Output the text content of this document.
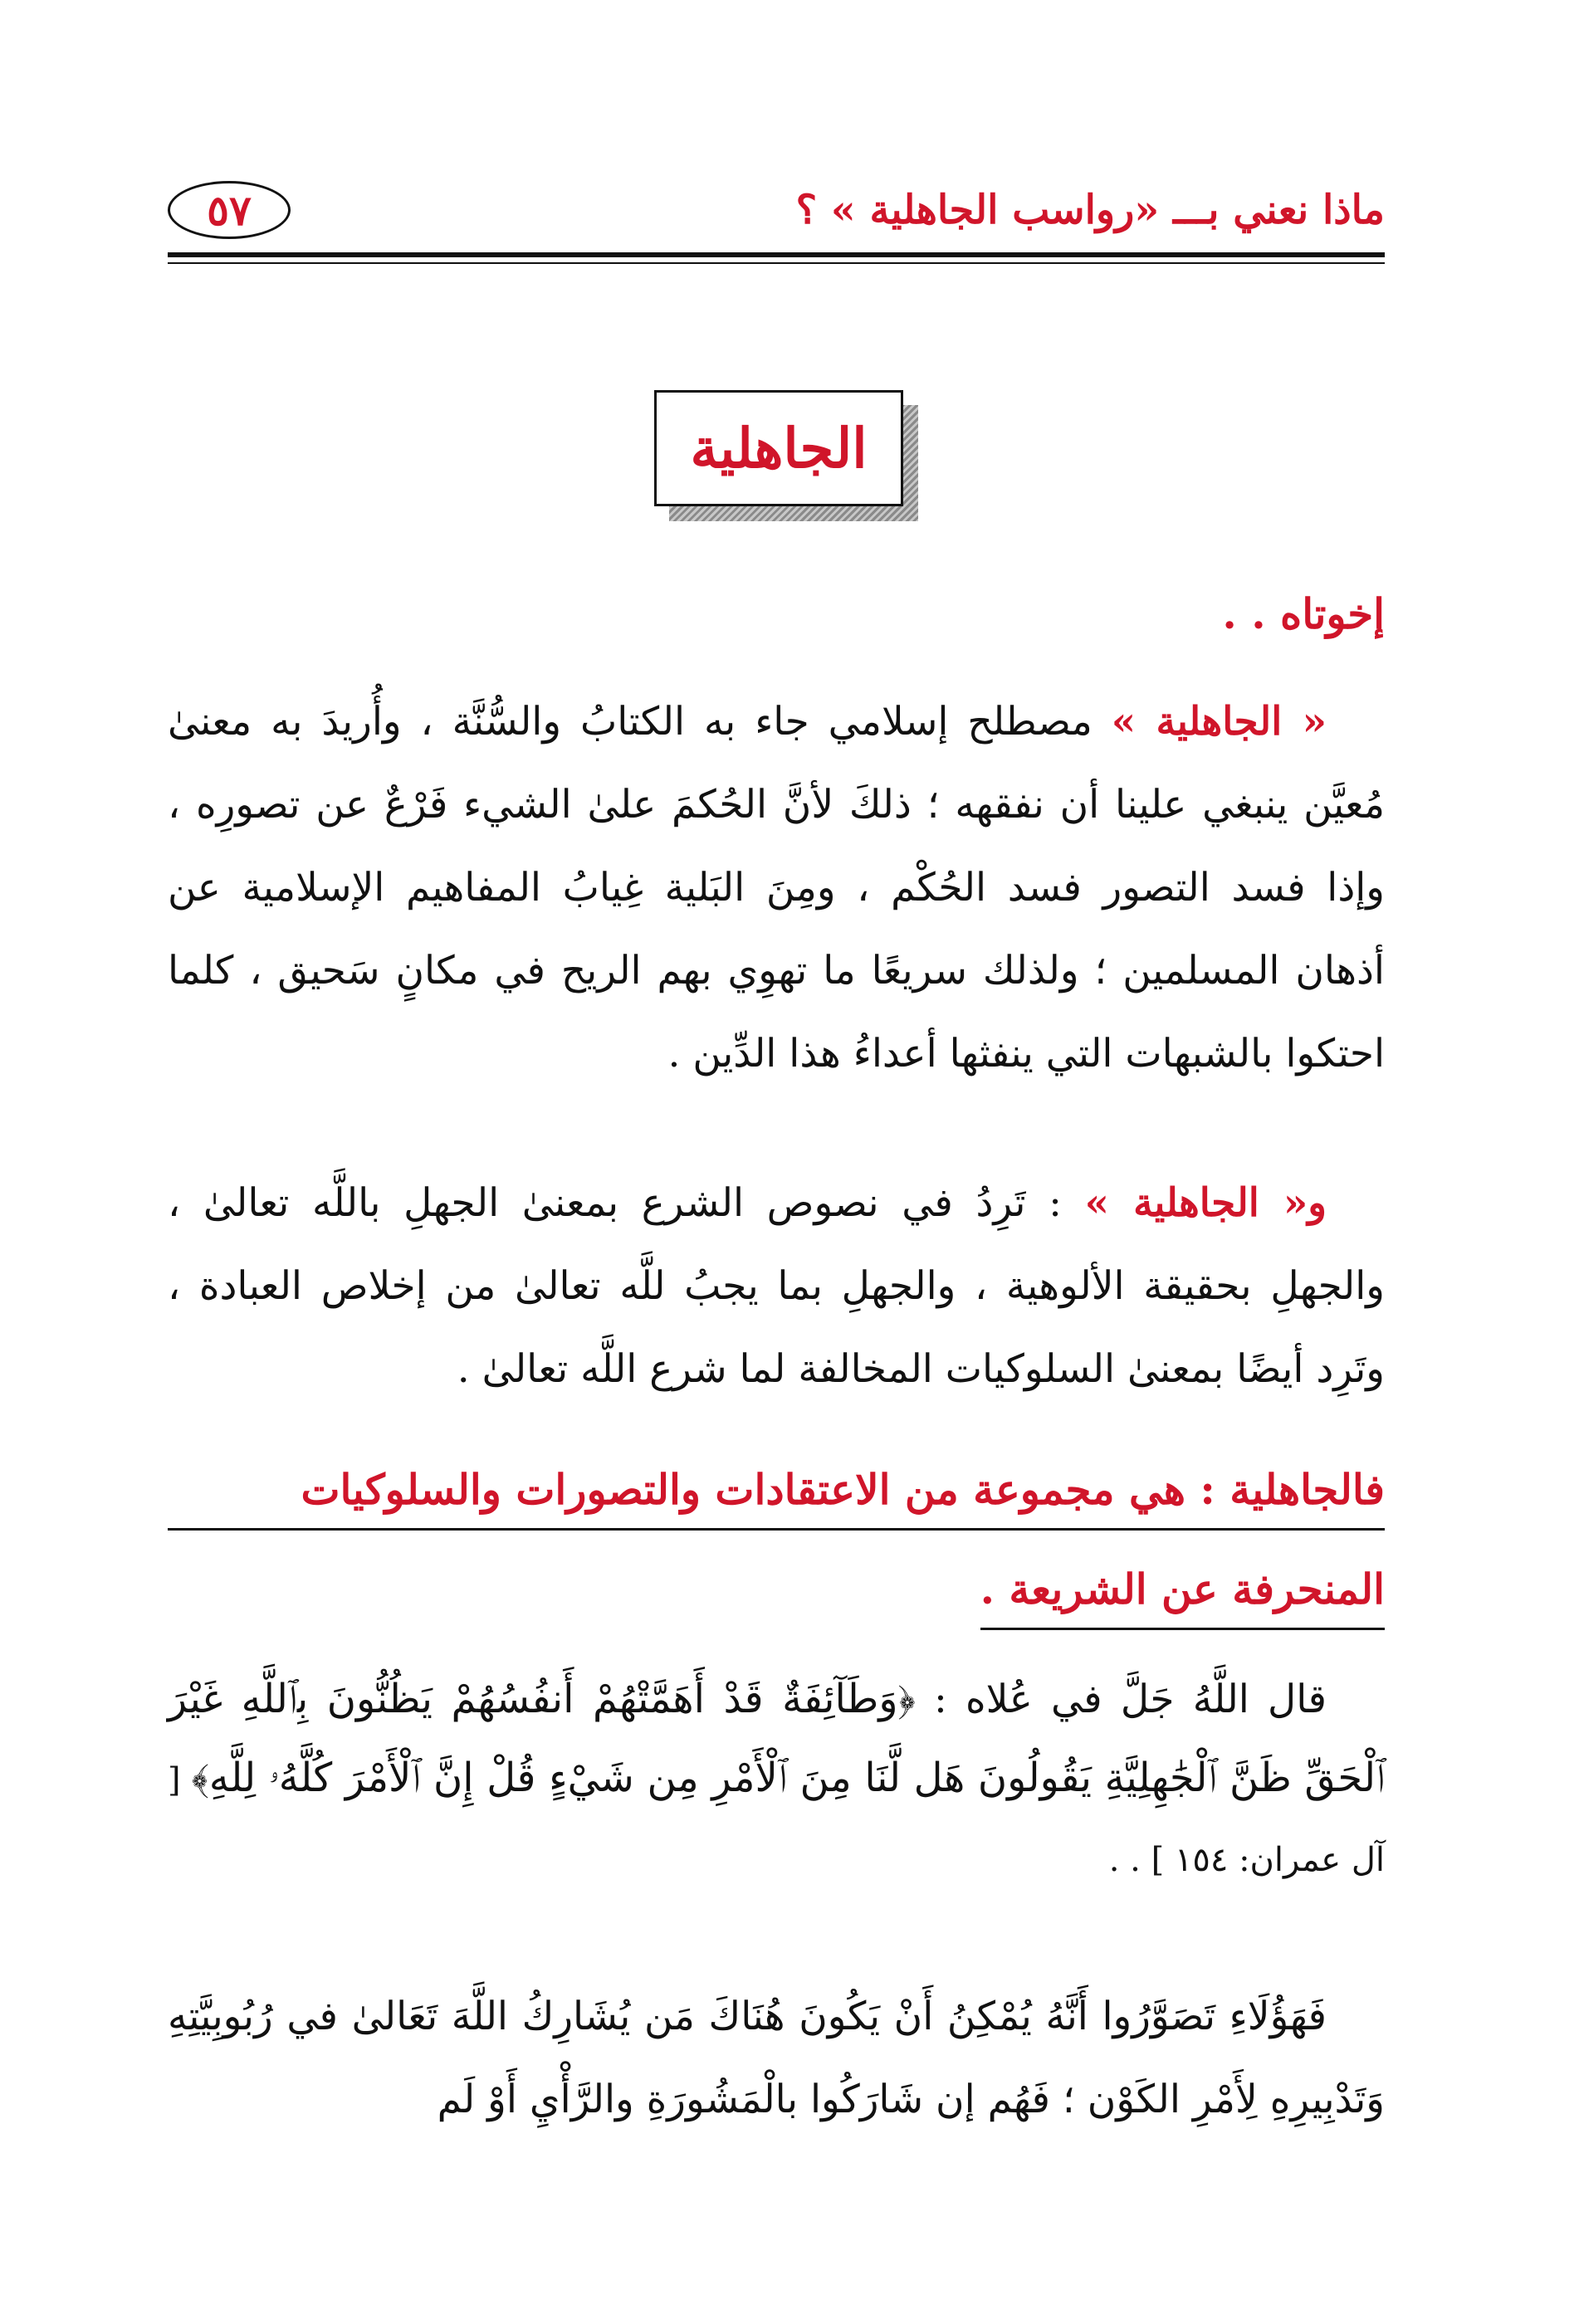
٥٧	ماذا نعني بـــ «رواسب الجاهلية » ؟
الجاهلية
إخوتاه . .
« الجاهلية » مصطلح إسلامي جاء به الكتابُ والسُّنَّة ، وأُريدَ به معنىٰ مُعيَّن ينبغي علينا أن نفقهه ؛ ذلكَ لأنَّ الحُكمَ علىٰ الشيء فَرْعٌ عن تصورِه ، وإذا فسد التصور فسد الحُكْم ، ومِنَ البَلية غِيابُ المفاهيم الإسلامية عن أذهان المسلمين ؛ ولذلك سريعًا ما تهوِي بهم الريح في مكانٍ سَحيق ، كلما احتكوا بالشبهات التي ينفثها أعداءُ هذا الدِّين .
و« الجاهلية » : تَرِدُ في نصوص الشرع بمعنىٰ الجهلِ باللَّه تعالىٰ ، والجهلِ بحقيقة الألوهية ، والجهلِ بما يجبُ للَّه تعالىٰ من إخلاص العبادة ، وتَرِد أيضًا بمعنىٰ السلوكيات المخالفة لما شرع اللَّه تعالىٰ .
فالجاهلية : هي مجموعة من الاعتقادات والتصورات والسلوكيات
المنحرفة عن الشريعة .
قال اللَّهُ جَلَّ في عُلاه : ﴿وَطَآئِفَةٌ قَدْ أَهَمَّتْهُمْ أَنفُسُهُمْ يَظُنُّونَ بِٱللَّهِ غَيْرَ ٱلْحَقِّ ظَنَّ ٱلْجَٰهِلِيَّةِ يَقُولُونَ هَل لَّنَا مِنَ ٱلْأَمْرِ مِن شَيْءٍ قُلْ إِنَّ ٱلْأَمْرَ كُلَّهُۥ لِلَّهِ﴾ [ آل عمران: ١٥٤ ] . .
فَهَؤُلَاءِ تَصَوَّرُوا أَنَّهُ يُمْكِنُ أَنْ يَكُونَ هُنَاكَ مَن يُشَارِكُ اللَّهَ تَعَالىٰ في رُبُوبِيَّتِهِ وَتَدْبِيرِهِ لِأَمْرِ الكَوْن ؛ فَهُم إن شَارَكُوا بالْمَشُورَةِ والرَّأْيِ أَوْ لَم
